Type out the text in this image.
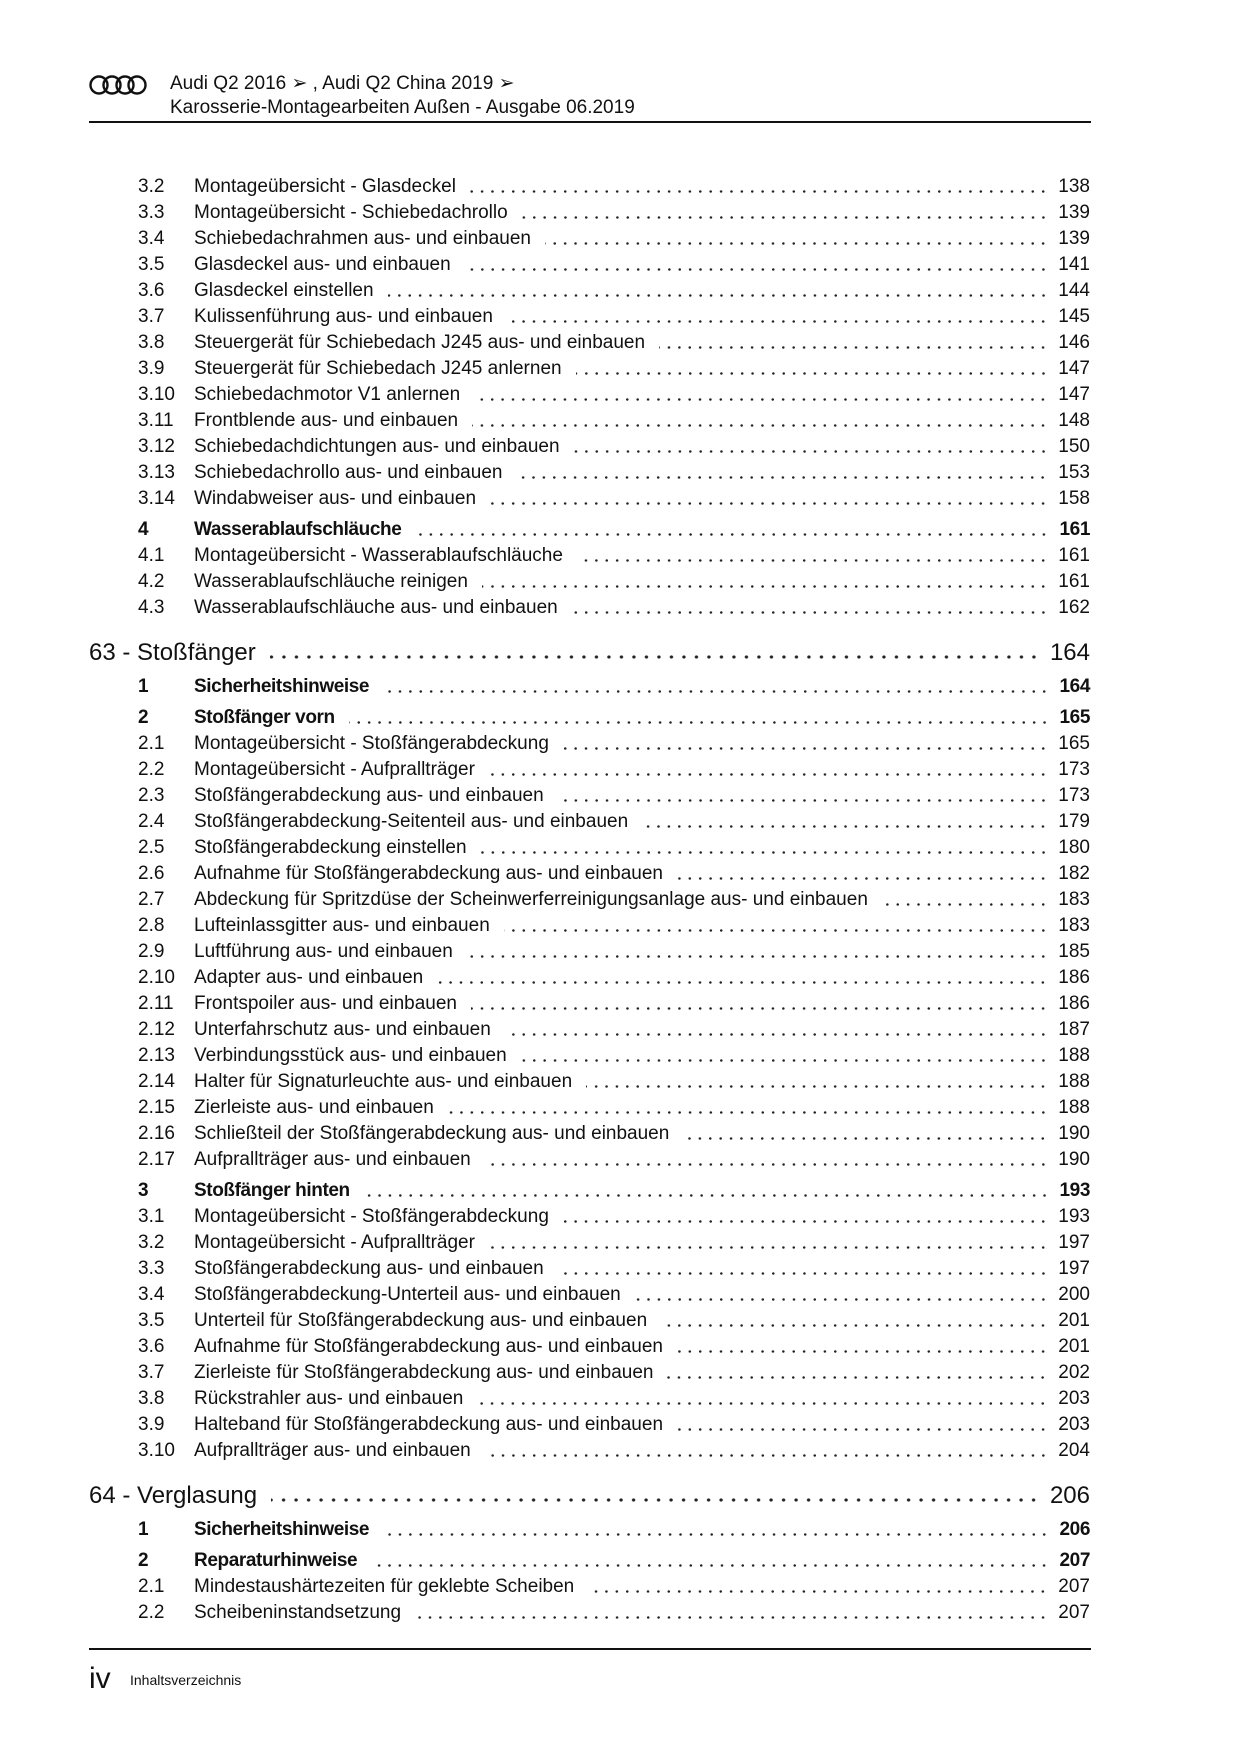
Audi Q2 2016 ➢ , Audi Q2 China 2019 ➢
Karosserie-Montagearbeiten Außen - Ausgabe 06.2019
3.2	Montageübersicht - Glasdeckel	138
3.3	Montageübersicht - Schiebedachrollo	139
3.4	Schiebedachrahmen aus- und einbauen	139
3.5	Glasdeckel aus- und einbauen	141
3.6	Glasdeckel einstellen	144
3.7	Kulissenführung aus- und einbauen	145
3.8	Steuergerät für Schiebedach J245 aus- und einbauen	146
3.9	Steuergerät für Schiebedach J245 anlernen	147
3.10	Schiebedachmotor V1 anlernen	147
3.11	Frontblende aus- und einbauen	148
3.12	Schiebedachdichtungen aus- und einbauen	150
3.13	Schiebedachrollo aus- und einbauen	153
3.14	Windabweiser aus- und einbauen	158
4	Wasserablaufschläuche	161
4.1	Montageübersicht - Wasserablaufschläuche	161
4.2	Wasserablaufschläuche reinigen	161
4.3	Wasserablaufschläuche aus- und einbauen	162
63 - Stoßfänger	164
1	Sicherheitshinweise	164
2	Stoßfänger vorn	165
2.1	Montageübersicht - Stoßfängerabdeckung	165
2.2	Montageübersicht - Aufprallträger	173
2.3	Stoßfängerabdeckung aus- und einbauen	173
2.4	Stoßfängerabdeckung-Seitenteil aus- und einbauen	179
2.5	Stoßfängerabdeckung einstellen	180
2.6	Aufnahme für Stoßfängerabdeckung aus- und einbauen	182
2.7	Abdeckung für Spritzdüse der Scheinwerferreinigungsanlage aus- und einbauen	183
2.8	Lufteinlassgitter aus- und einbauen	183
2.9	Luftführung aus- und einbauen	185
2.10	Adapter aus- und einbauen	186
2.11	Frontspoiler aus- und einbauen	186
2.12	Unterfahrschutz aus- und einbauen	187
2.13	Verbindungsstück aus- und einbauen	188
2.14	Halter für Signaturleuchte aus- und einbauen	188
2.15	Zierleiste aus- und einbauen	188
2.16	Schließteil der Stoßfängerabdeckung aus- und einbauen	190
2.17	Aufprallträger aus- und einbauen	190
3	Stoßfänger hinten	193
3.1	Montageübersicht - Stoßfängerabdeckung	193
3.2	Montageübersicht - Aufprallträger	197
3.3	Stoßfängerabdeckung aus- und einbauen	197
3.4	Stoßfängerabdeckung-Unterteil aus- und einbauen	200
3.5	Unterteil für Stoßfängerabdeckung aus- und einbauen	201
3.6	Aufnahme für Stoßfängerabdeckung aus- und einbauen	201
3.7	Zierleiste für Stoßfängerabdeckung aus- und einbauen	202
3.8	Rückstrahler aus- und einbauen	203
3.9	Halteband für Stoßfängerabdeckung aus- und einbauen	203
3.10	Aufprallträger aus- und einbauen	204
64 - Verglasung	206
1	Sicherheitshinweise	206
2	Reparaturhinweise	207
2.1	Mindestaushärtezeiten für geklebte Scheiben	207
2.2	Scheibeninstandsetzung	207
iv Inhaltsverzeichnis
